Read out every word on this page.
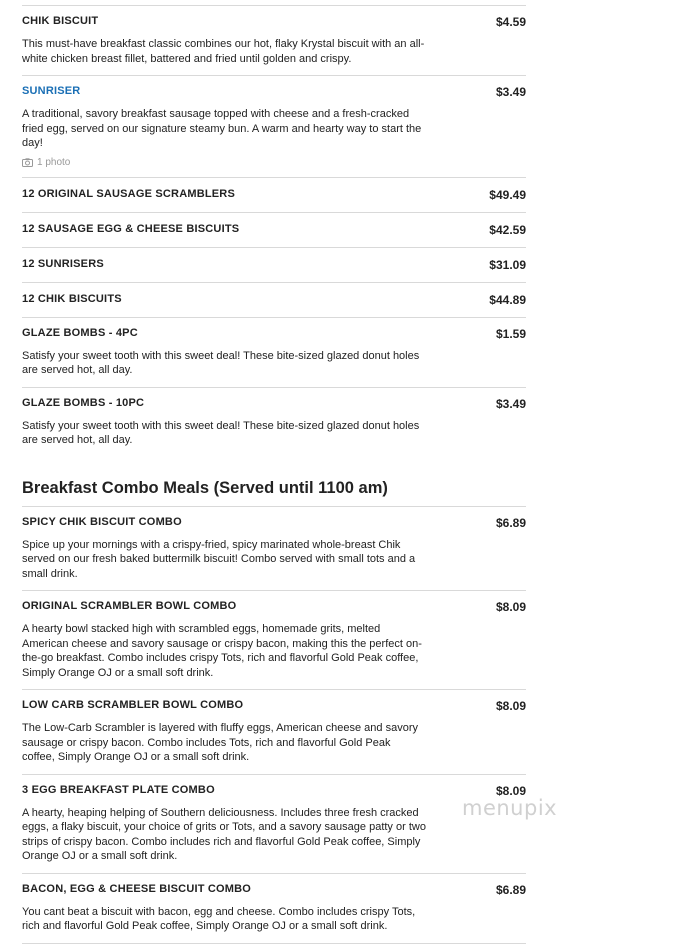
CHIK BISCUIT	$4.59
This must-have breakfast classic combines our hot, flaky Krystal biscuit with an all-white chicken breast fillet, battered and fried until golden and crispy.
SUNRISER	$3.49
A traditional, savory breakfast sausage topped with cheese and a fresh-cracked fried egg, served on our signature steamy bun. A warm and hearty way to start the day!
1 photo
12 ORIGINAL SAUSAGE SCRAMBLERS	$49.49
12 SAUSAGE EGG & CHEESE BISCUITS	$42.59
12 SUNRISERS	$31.09
12 CHIK BISCUITS	$44.89
GLAZE BOMBS - 4PC	$1.59
Satisfy your sweet tooth with this sweet deal! These bite-sized glazed donut holes are served hot, all day.
GLAZE BOMBS - 10PC	$3.49
Satisfy your sweet tooth with this sweet deal! These bite-sized glazed donut holes are served hot, all day.
Breakfast Combo Meals (Served until 1100 am)
SPICY CHIK BISCUIT COMBO	$6.89
Spice up your mornings with a crispy-fried, spicy marinated whole-breast Chik served on our fresh baked buttermilk biscuit! Combo served with small tots and a small drink.
ORIGINAL SCRAMBLER BOWL COMBO	$8.09
A hearty bowl stacked high with scrambled eggs, homemade grits, melted American cheese and savory sausage or crispy bacon, making this the perfect on-the-go breakfast. Combo includes crispy Tots, rich and flavorful Gold Peak coffee, Simply Orange OJ or a small soft drink.
LOW CARB SCRAMBLER BOWL COMBO	$8.09
The Low-Carb Scrambler is layered with fluffy eggs, American cheese and savory sausage or crispy bacon. Combo includes Tots, rich and flavorful Gold Peak coffee, Simply Orange OJ or a small soft drink.
3 EGG BREAKFAST PLATE COMBO	$8.09
A hearty, heaping helping of Southern deliciousness. Includes three fresh cracked eggs, a flaky biscuit, your choice of grits or Tots, and a savory sausage patty or two strips of crispy bacon. Combo includes rich and flavorful Gold Peak coffee, Simply Orange OJ or a small soft drink.
BACON, EGG & CHEESE BISCUIT COMBO	$6.89
You cant beat a biscuit with bacon, egg and cheese. Combo includes crispy Tots, rich and flavorful Gold Peak coffee, Simply Orange OJ or a small soft drink.
menupix
